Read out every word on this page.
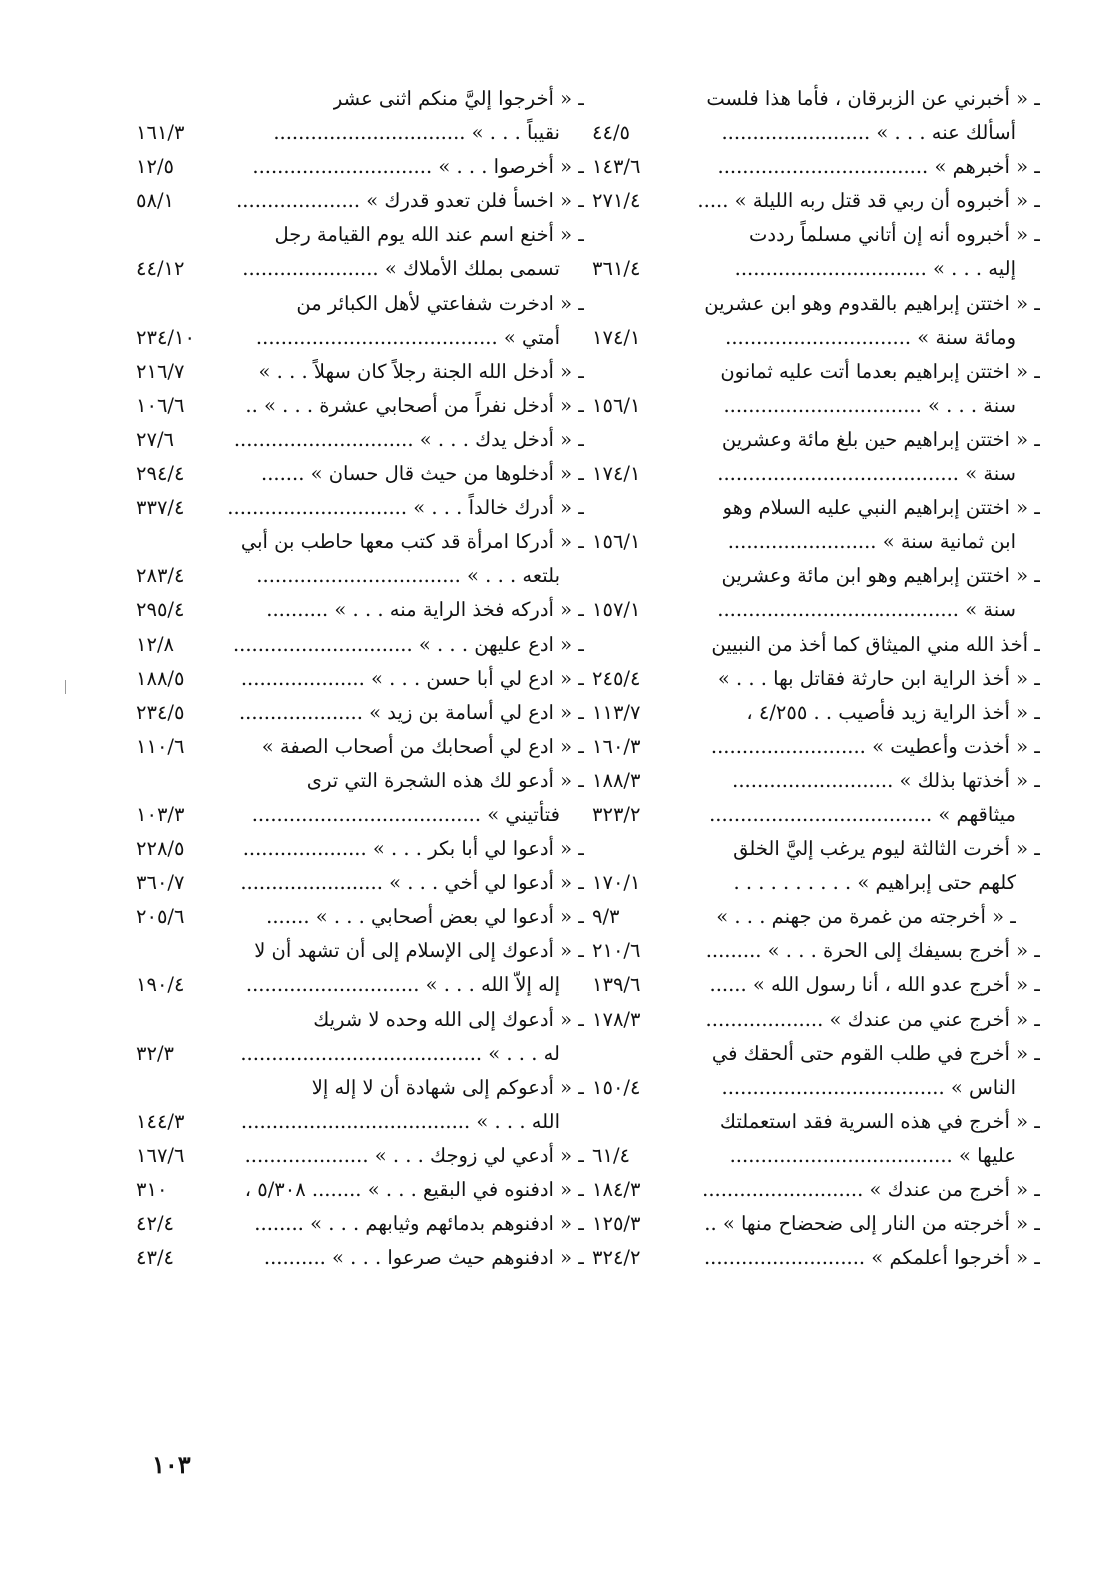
ـ « أخبرني عن الزبرقان ، فأما هذا فلست
أسألك عنه . . . » ........................
٤٤/٥
ـ « أخبرهم » ..................................
١٤٣/٦
ـ « أخبروه أن ربي قد قتل ربه الليلة » .....
٢٧١/٤
ـ « أخبروه أنه إن أتاني مسلماً رددت
إليه . . . » ...............................
٣٦١/٤
ـ « اختتن إبراهيم بالقدوم وهو ابن عشرين
ومائة سنة » ..............................
١٧٤/١
ـ « اختتن إبراهيم بعدما أتت عليه ثمانون
سنة . . . » ................................
١٥٦/١
ـ « اختتن إبراهيم حين بلغ مائة وعشرين
سنة » .......................................
١٧٤/١
ـ « اختتن إبراهيم النبي عليه السلام وهو
ابن ثمانية سنة » ........................
١٥٦/١
ـ « اختتن إبراهيم وهو ابن مائة وعشرين
سنة » .......................................
١٥٧/١
ـ أخذ الله مني الميثاق كما أخذ من النبيين
ـ « أخذ الراية ابن حارثة فقاتل بها . . . »
٢٤٥/٤
ـ « أخذ الراية زيد فأصيب . . ٤/٢٥٥ ،
١١٣/٧
ـ « أخذت وأعطيت » .........................
١٦٠/٣
ـ « أخذتها بذلك » ..........................
١٨٨/٣
ميثاقهم » ....................................
٣٢٣/٢
ـ « أخرت الثالثة ليوم يرغب إليَّ الخلق
كلهم حتى إبراهيم » . . . . . . . . . .
١٧٠/١
ـ « أخرجته من غمرة من جهنم . . . »
٩/٣
ـ « أخرج بسيفك إلى الحرة . . . » .........
٢١٠/٦
ـ « أخرج عدو الله ، أنا رسول الله » ......
١٣٩/٦
ـ « أخرج عني من عندك » ...................
١٧٨/٣
ـ « أخرج في طلب القوم حتى ألحقك في
الناس » ....................................
١٥٠/٤
ـ « أخرج في هذه السرية فقد استعملتك
عليها » ....................................
٦١/٤
ـ « أخرج من عندك » ..........................
١٨٤/٣
ـ « أخرجته من النار إلى ضحضاح منها » ..
١٢٥/٣
ـ « أخرجوا أعلمكم » ..........................
٣٢٤/٢
ـ « أخرجوا إليَّ منكم اثنى عشر
نقيباً . . . » ...............................
١٦١/٣
ـ « أخرصوا . . . » .............................
١٢/٥
ـ « اخسأ فلن تعدو قدرك » ....................
٥٨/١
ـ « أخنع اسم عند الله يوم القيامة رجل
تسمى بملك الأملاك » ......................
٤٤/١٢
ـ « ادخرت شفاعتي لأهل الكبائر من
أمتي » .......................................
٢٣٤/١٠
ـ « أدخل الله الجنة رجلاً كان سهلاً . . . »
٢١٦/٧
ـ « أدخل نفراً من أصحابي عشرة . . . » ..
١٠٦/٦
ـ « أدخل يدك . . . » .............................
٢٧/٦
ـ « أدخلوها من حيث قال حسان » .......
٢٩٤/٤
ـ « أدرك خالداً . . . » .............................
٣٣٧/٤
ـ « أدركا امرأة قد كتب معها حاطب بن أبي
بلتعه . . . » .................................
٢٨٣/٤
ـ « أدركه فخذ الراية منه . . . » ..........
٢٩٥/٤
ـ « ادع عليهن . . . » .............................
١٢/٨
ـ « ادع لي أبا حسن . . . » ....................
١٨٨/٥
ـ « ادع لي أسامة بن زيد » ....................
٢٣٤/٥
ـ « ادع لي أصحابك من أصحاب الصفة »
١١٠/٦
ـ « أدعو لك هذه الشجرة التي ترى
فتأتيني » .....................................
١٠٣/٣
ـ « أدعوا لي أبا بكر . . . » ....................
٢٢٨/٥
ـ « أدعوا لي أخي . . . » .......................
٣٦٠/٧
ـ « أدعوا لي بعض أصحابي . . . » .......
٢٠٥/٦
ـ « أدعوك إلى الإسلام إلى أن تشهد أن لا
إله إلاّ الله . . . » ............................
١٩٠/٤
ـ « أدعوك إلى الله وحده لا شريك
له . . . » .......................................
٣٢/٣
ـ « أدعوكم إلى شهادة أن لا إله إلا
الله . . . » .....................................
١٤٤/٣
ـ « أدعي لي زوجك . . . » ....................
١٦٧/٦
ـ « ادفنوه في البقيع . . . » ........ ٥/٣٠٨ ،
٣١٠
ـ « ادفنوهم بدمائهم وثيابهم . . . » ........
٤٢/٤
ـ « ادفنوهم حيث صرعوا . . . » ..........
٤٣/٤
١٠٣
